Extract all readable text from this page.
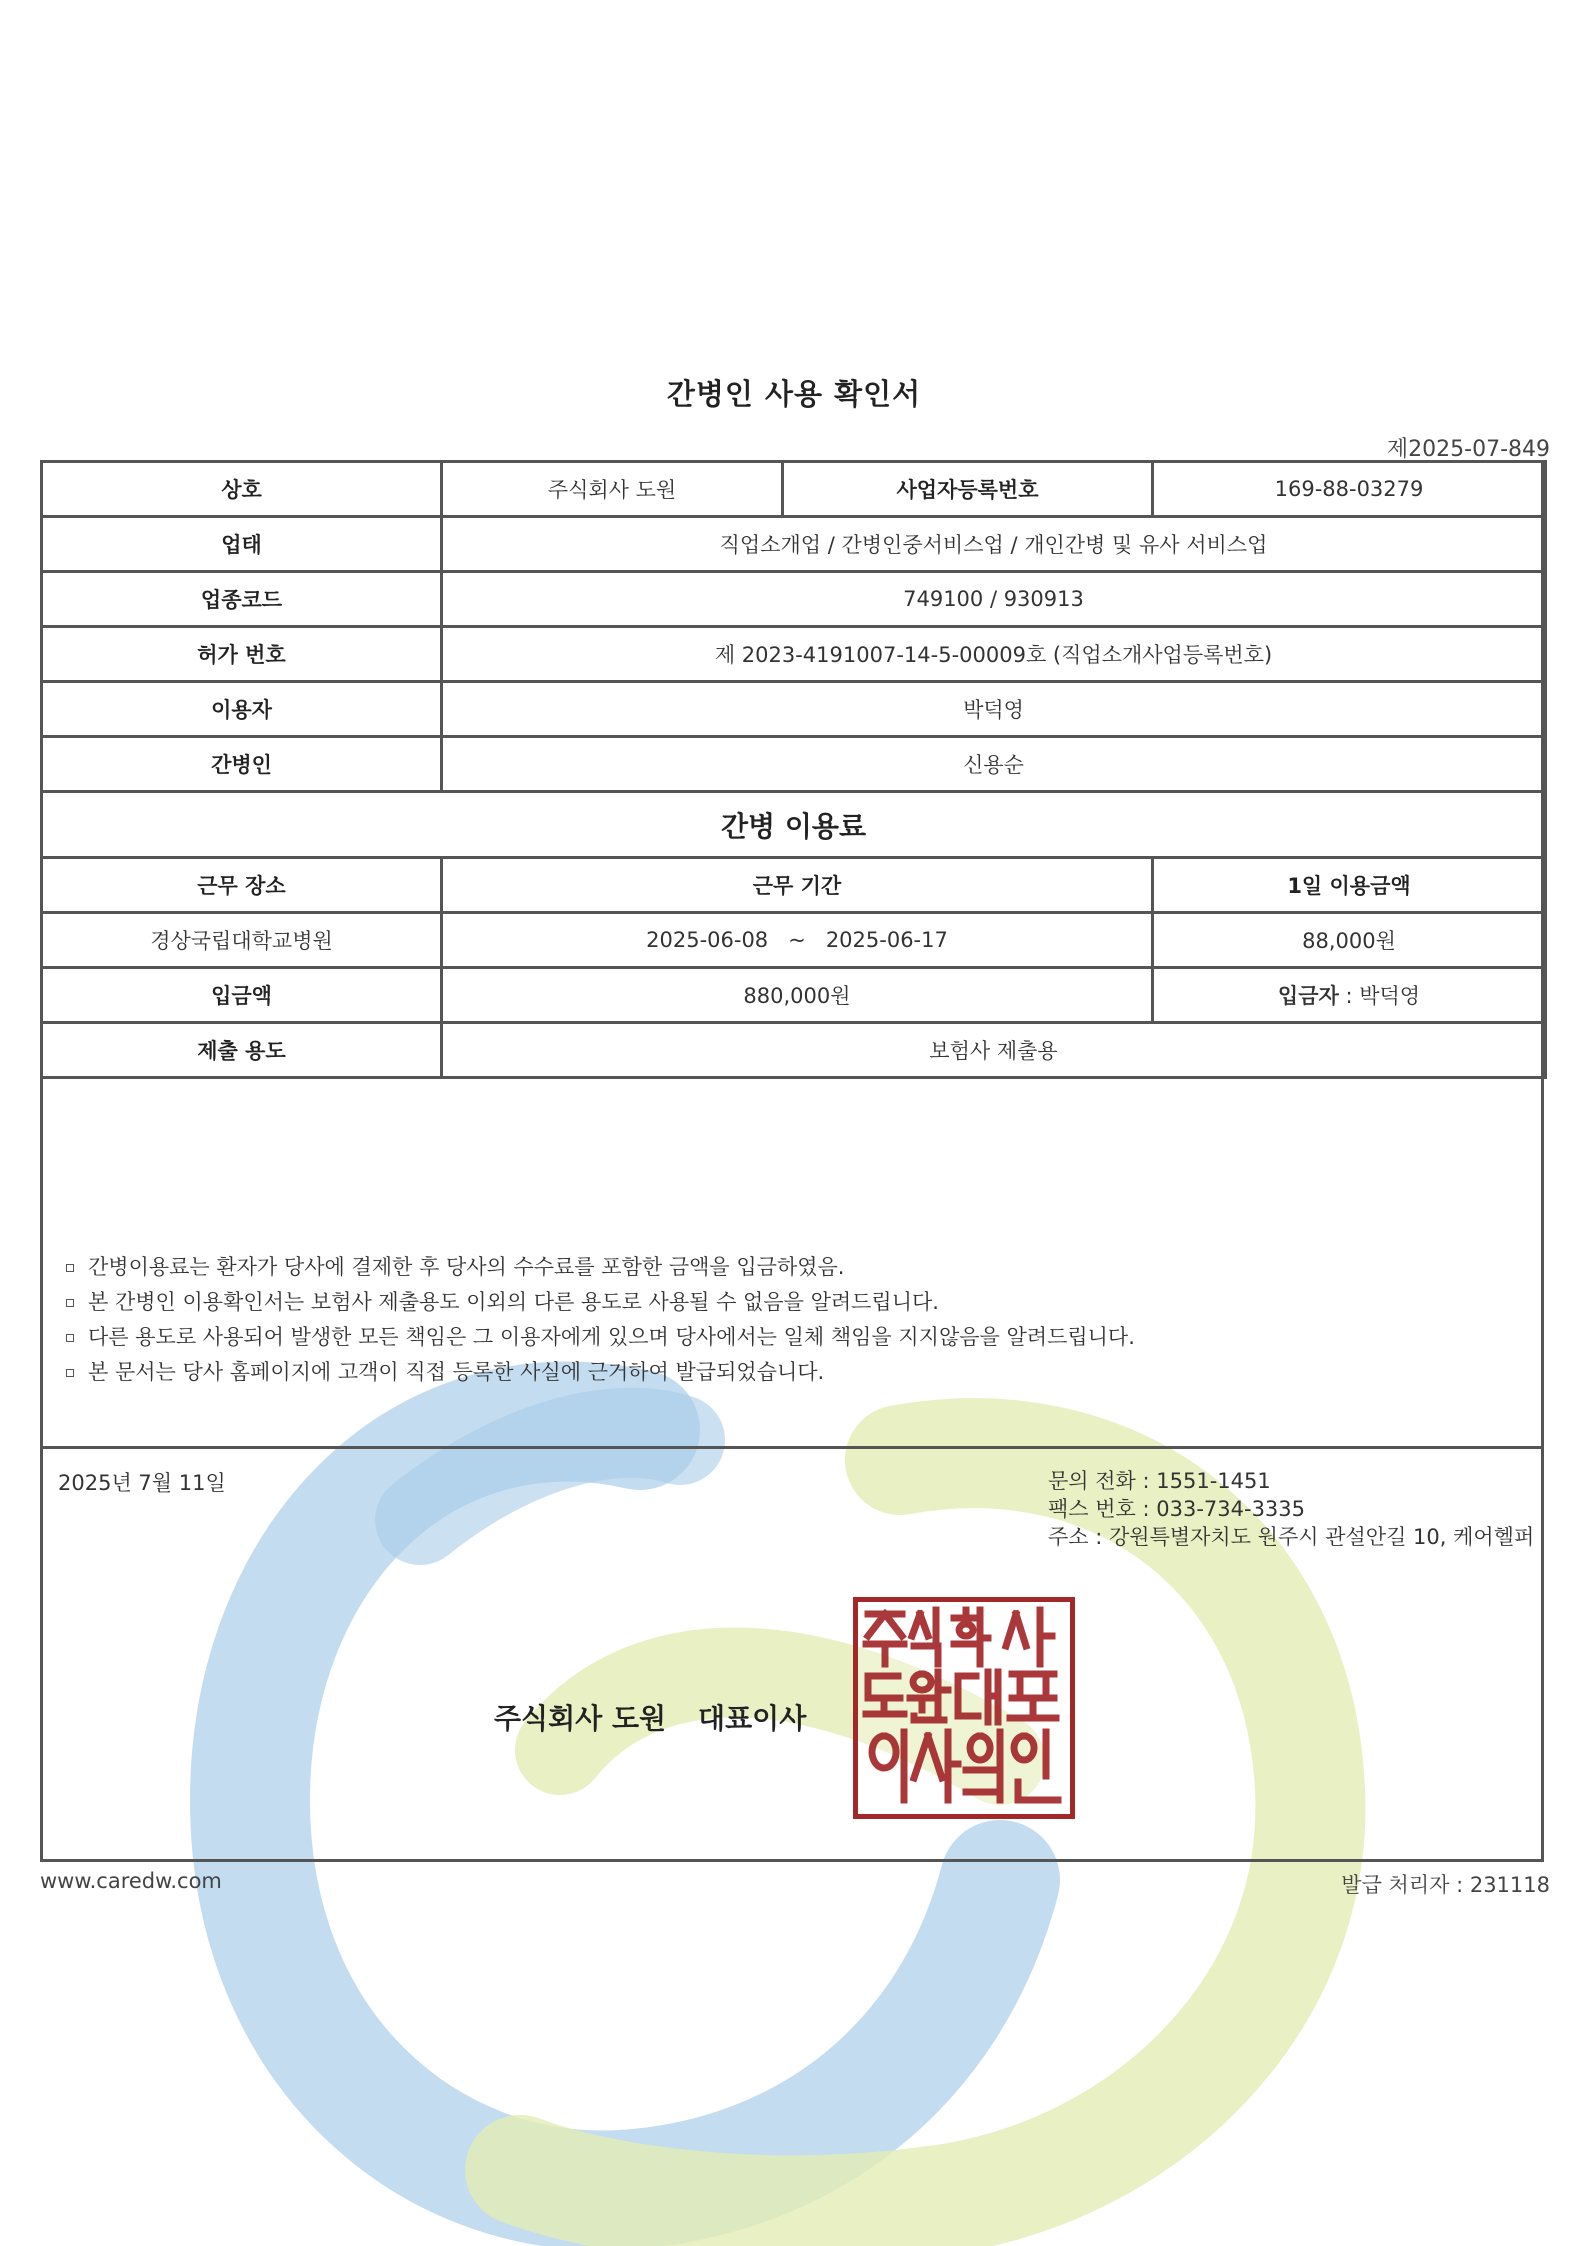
간병인 사용 확인서
제2025-07-849
상호	주식회사 도원	사업자등록번호	169-88-03279
업태	직업소개업 / 간병인중서비스업 / 개인간병 및 유사 서비스업		
업종코드	749100 / 930913		
허가 번호	제 2023-4191007-14-5-00009호 (직업소개사업등록번호)		
이용자	박덕영		
간병인	신용순		
간병 이용료			
근무 장소	근무 기간		1일 이용금액
경상국립대학교병원	2025-06-08   ~   2025-06-17		88,000원
입금액	880,000원		입금자 : 박덕영
제출 용도	보험사 제출용		
간병이용료는 환자가 당사에 결제한 후 당사의 수수료를 포함한 금액을 입금하였음.
본 간병인 이용확인서는 보험사 제출용도 이외의 다른 용도로 사용될 수 없음을 알려드립니다.
다른 용도로 사용되어 발생한 모든 책임은 그 이용자에게 있으며 당사에서는 일체 책임을 지지않음을 알려드립니다.
본 문서는 당사 홈페이지에 고객이 직접 등록한 사실에 근거하여 발급되었습니다.
2025년 7월 11일	문의 전화 : 1551-1451
팩스 번호 : 033-734-3335
주소 : 강원특별자치도 원주시 관설안길 10, 케어헬퍼
주식회사 도원 대표이사
www.caredw.com	발급 처리자 : 231118
